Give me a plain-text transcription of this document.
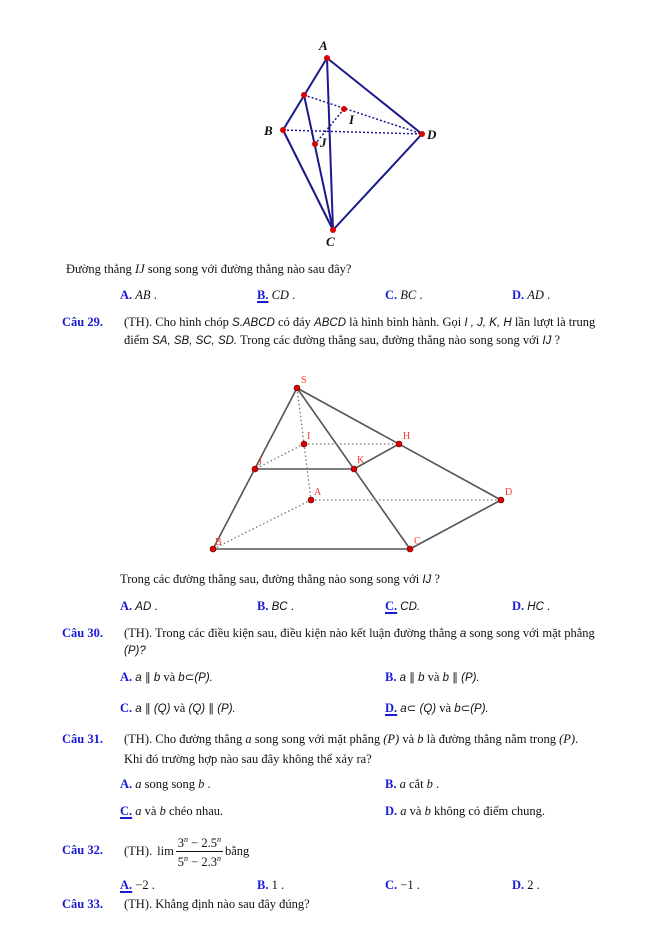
A
B
C
D
I
J
Đường thẳng IJ song song với đường thẳng nào sau đây?
A. AB .	B. CD .	C. BC .	D. AD .
Câu 29. (TH). Cho hình chóp S.ABCD có đáy ABCD là hình bình hành. Gọi I , J, K, H lần lượt là trung
điểm SA, SB, SC, SD. Trong các đường thẳng sau, đường thẳng nào song song với IJ ?
S
I	H
J	K
A	D
B	C
Trong các đường thẳng sau, đường thẳng nào song song với IJ ?
A. AD .	B. BC .	C. CD.	D. HC .
Câu 30. (TH). Trong các điều kiện sau, điều kiện nào kết luận đường thẳng a song song với mặt phẳng
(P)?
A. a ∥ b và b⊂(P).	B. a ∥ b và b ∥ (P).
C. a ∥ (Q) và (Q) ∥ (P).	D. a⊂ (Q) và b⊂(P).
Câu 31. (TH). Cho đường thẳng a song song với mặt phẳng (P) và b là đường thẳng nằm trong (P).
Khi đó trường hợp nào sau đây không thể xảy ra?
A. a song song b .	B. a cắt b .
C. a và b chéo nhau.	D. a và b không có điểm chung.
Câu 32. (TH). $\lim \frac{3^n - 2.5^n}{5^n - 2.3^n}$ bằng
A. −2 .	B. 1 .	C. −1 .	D. 2 .
Câu 33. (TH). Khẳng định nào sau đây đúng?
